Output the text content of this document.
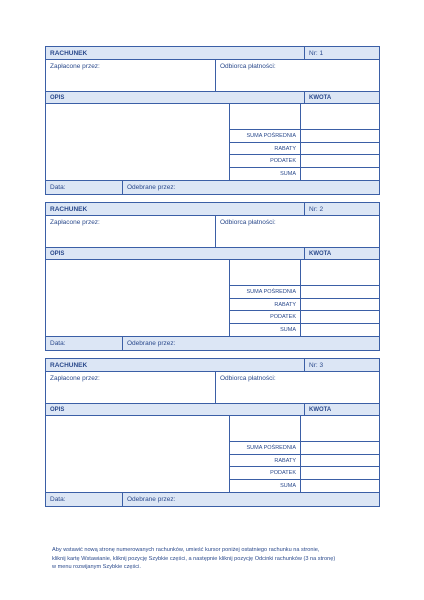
RACHUNEK	Nr: 1
Zapłacone przez:	Odbiorca płatności:
OPIS	KWOTA
SUMA POŚREDNIA
RABATY
PODATEK
SUMA
Data:	Odebrane przez:
RACHUNEK	Nr: 2
Zapłacone przez:	Odbiorca płatności:
OPIS	KWOTA
SUMA POŚREDNIA
RABATY
PODATEK
SUMA
Data:	Odebrane przez:
RACHUNEK	Nr: 3
Zapłacone przez:	Odbiorca płatności:
OPIS	KWOTA
SUMA POŚREDNIA
RABATY
PODATEK
SUMA
Data:	Odebrane przez:

Aby wstawić nową stronę numerowanych rachunków, umieść kursor poniżej ostatniego rachunku na stronie,

kliknij kartę Wstawianie, kliknij pozycję Szybkie części, a następnie kliknij pozycję Odcinki rachunków (3 na stronę)

w menu rozwijanym Szybkie części.
